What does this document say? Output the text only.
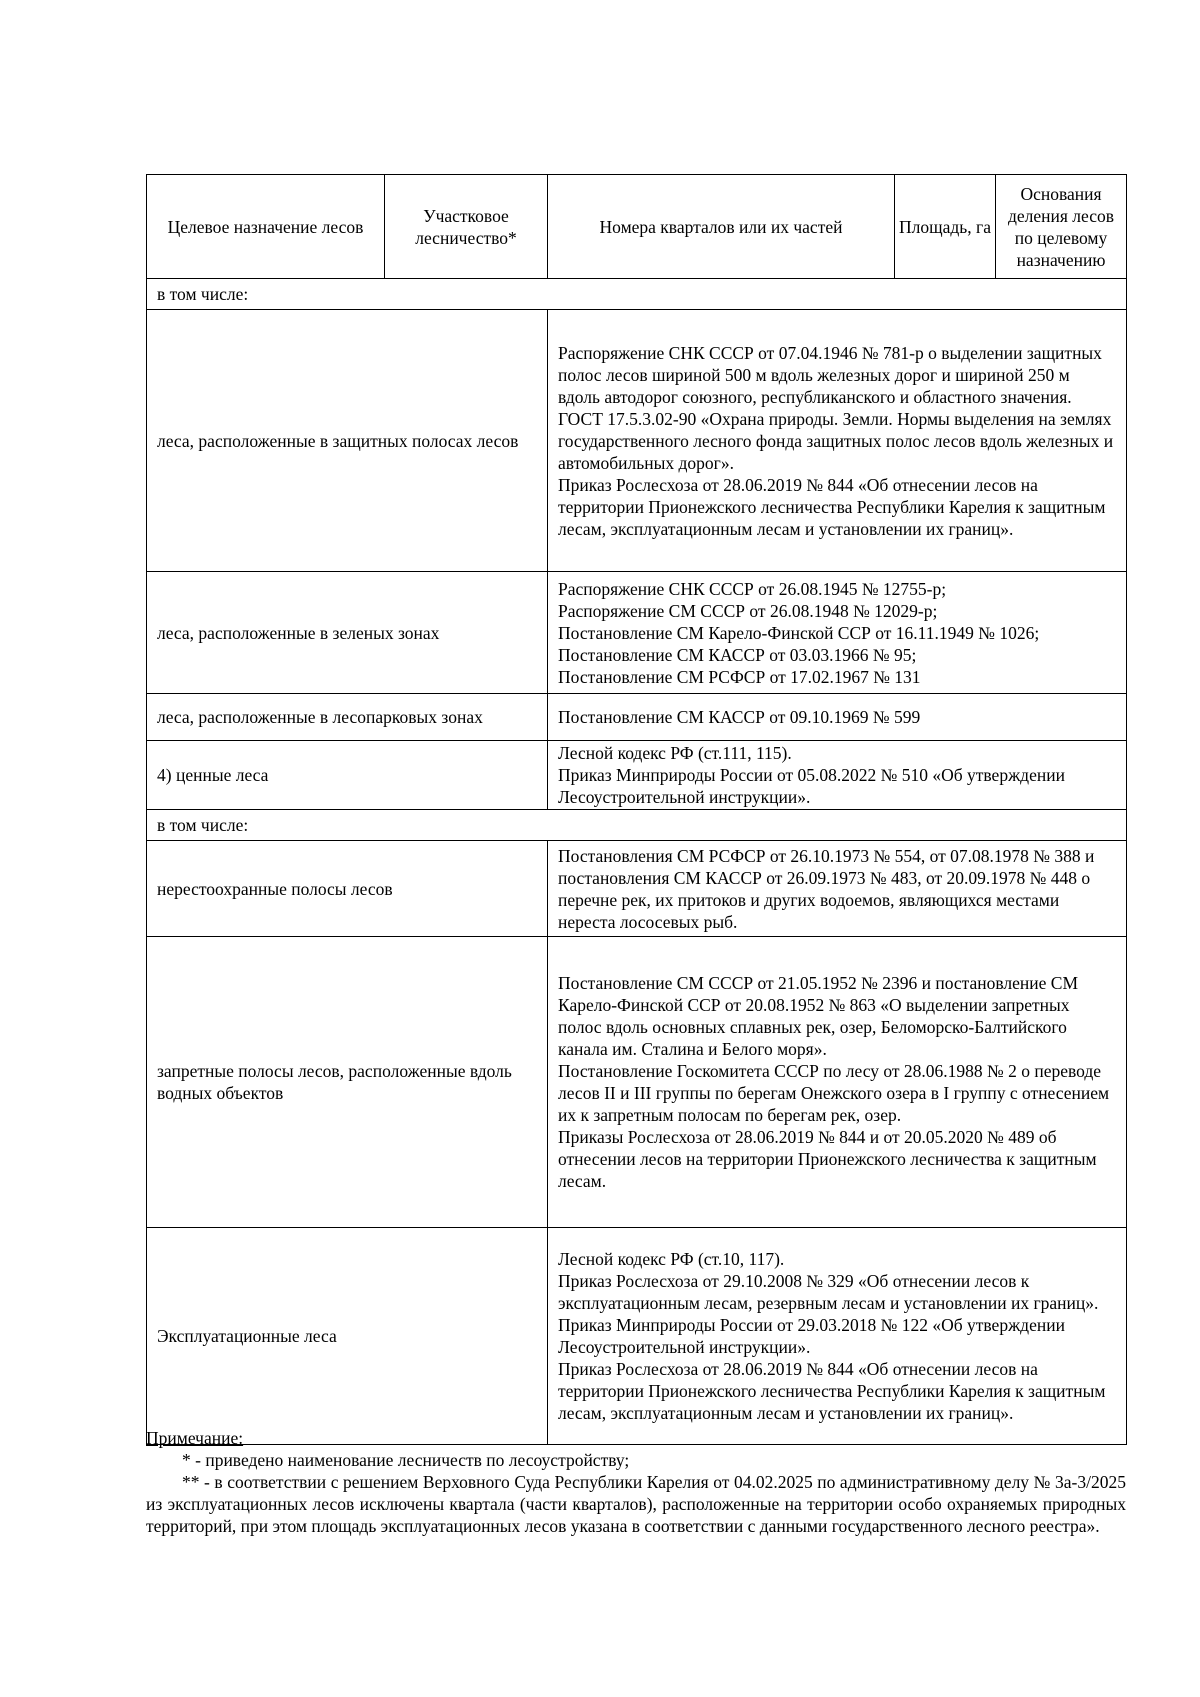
Целевое назначение лесов	Участковое лесничество*	Номера кварталов или их частей	Площадь, га	Основания деления лесов по целевому назначению
в том числе:				
леса, расположенные в защитных полосах лесов		Распоряжение СНК СССР от 07.04.1946 № 781-р о выделении защитных полос лесов шириной 500 м вдоль железных дорог и шириной 250 м вдоль автодорог союзного, республиканского и областного значения.
ГОСТ 17.5.3.02-90 «Охрана природы. Земли. Нормы выделения на землях государственного лесного фонда защитных полос лесов вдоль железных и автомобильных дорог».
Приказ Рослесхоза от 28.06.2019 № 844 «Об отнесении лесов на территории Прионежского лесничества Республики Карелия к защитным лесам, эксплуатационным лесам и установлении их границ».		

леса, расположенные в зеленых зонах		Распоряжение СНК СССР от 26.08.1945 № 12755-р;
Распоряжение СМ СССР от 26.08.1948 № 12029-р;
Постановление СМ Карело-Финской ССР от 16.11.1949 № 1026;
Постановление СМ КАССР от 03.03.1966 № 95;
Постановление СМ РСФСР от 17.02.1967 № 131		

леса, расположенные в лесопарковых зонах		Постановление СМ КАССР от 09.10.1969 № 599		

4) ценные леса		Лесной кодекс РФ (ст.111, 115).
Приказ Минприроды России от 05.08.2022 № 510 «Об утверждении Лесоустроительной инструкции».		

в том числе:				
нерестоохранные полосы лесов		Постановления СМ РСФСР от 26.10.1973 № 554, от 07.08.1978 № 388 и постановления СМ КАССР от 26.09.1973 № 483, от 20.09.1978 № 448 о перечне рек, их притоков и других водоемов, являющихся местами нереста лососевых рыб.		

запретные полосы лесов, расположенные вдоль водных объектов		Постановление СМ СССР от 21.05.1952 № 2396 и постановление СМ Карело-Финской ССР от 20.08.1952 № 863 «О выделении запретных полос вдоль основных сплавных рек, озер, Беломорско-Балтийского канала им. Сталина и Белого моря».
Постановление Госкомитета СССР по лесу от 28.06.1988 № 2 о переводе лесов II и III группы по берегам Онежского озера в I группу с отнесением их к запретным полосам по берегам рек, озер.
Приказы Рослесхоза от 28.06.2019 № 844 и от 20.05.2020 № 489 об отнесении лесов на территории Прионежского лесничества к защитным лесам.		

Эксплуатационные леса		Лесной кодекс РФ (ст.10, 117).
Приказ Рослесхоза от 29.10.2008 № 329 «Об отнесении лесов к эксплуатационным лесам, резервным лесам и установлении их границ». Приказ Минприроды России от 29.03.2018 № 122 «Об утверждении Лесоустроительной инструкции».
Приказ Рослесхоза от 28.06.2019 № 844 «Об отнесении лесов на территории Прионежского лесничества Республики Карелия к защитным лесам, эксплуатационным лесам и установлении их границ».		
Примечание:

* - приведено наименование лесничеств по лесоустройству;

** - в соответствии с решением Верховного Суда Республики Карелия от 04.02.2025 по административному делу № 3а-3/2025 из эксплуатационных лесов исключены квартала (части кварталов), расположенные на территории особо охраняемых природных территорий, при этом площадь эксплуатационных лесов указана в соответствии с данными государственного лесного реестра».
